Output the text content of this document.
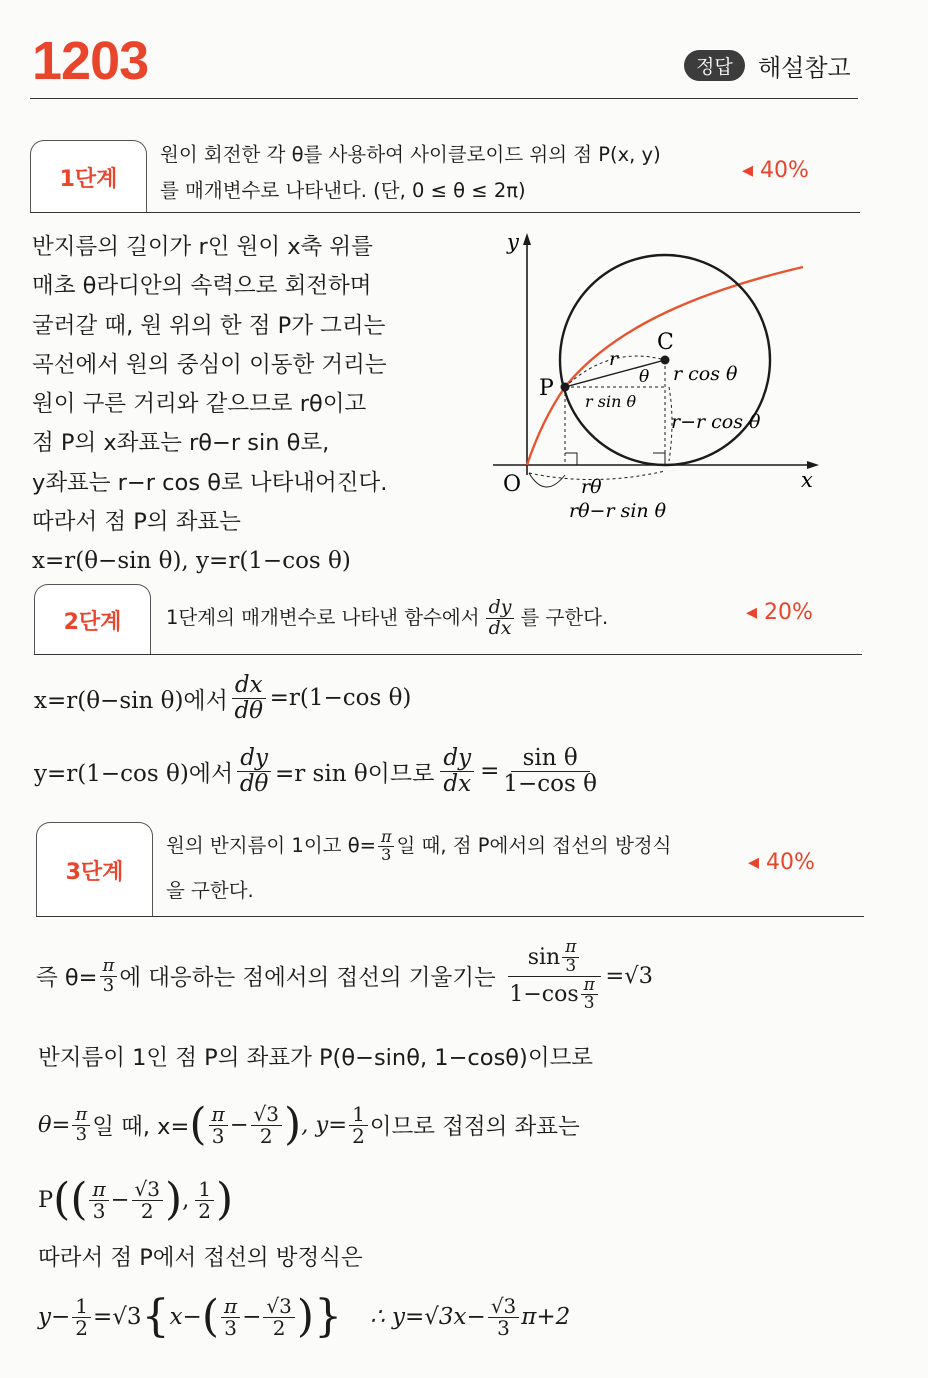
1203	정답	해설참고
1단계
원이 회전한 각 θ를 사용하여 사이클로이드 위의 점 P(x, y)
를 매개변수로 나타낸다. (단, 0 ≤ θ ≤ 2π)
◂ 40%
반지름의 길이가 r인 원이 x축 위를
매초 θ라디안의 속력으로 회전하며
굴러갈 때, 원 위의 한 점 P가 그리는
곡선에서 원의 중심이 이동한 거리는
원이 구른 거리와 같으므로 rθ이고
점 P의 x좌표는 rθ−r sin θ로,
y좌표는 r−r cos θ로 나타내어진다.
따라서 점 P의 좌표는
x=r(θ−sin θ), y=r(1−cos θ)
y
x
O
C
P
r
θ r cos θ
r sin θ
r−r cos θ
rθ
rθ−r sin θ
2단계	1단계의 매개변수로 나타낸 함수에서 $\frac{dy}{dx}$ 를 구한다.	◂ 20%
x=r(θ−sin θ)에서 $\frac{dx}{d\theta} =r(1-\cos$ θ)
y=r(1−cos θ)에서 $\frac{dy}{d\theta} =r$ sin θ이므로 $\frac{dy}{dx} = \frac{\text{sin θ}}{\text{1−cos θ}}$
3단계
원의 반지름이 1이고 $\theta= \frac{\pi}{3}$ 일 때, 점 P에서의 접선의 방정식
을 구한다.
◂ 40%
즉 $\theta= \frac{\pi}{3}$ 에 대응하는 점에서의 접선의 기울기는 $\frac{\sin \frac{\pi}{3}}{1-\cos \frac{\pi}{3}} =√3$
반지름이 1인 점 P의 좌표가 P(θ−sinθ, 1−cosθ)이므로
$\theta= \frac{\pi}{3}$ 일 때, x= ( $\frac{\pi}{3} - \frac{√3}{2}$ ) , $y= \frac{1}{2}$ 이므로 접점의 좌표는
P ( ( $\frac{\pi}{3} - \frac{√3}{2}$ ) , $\frac{1}{2}$ )
따라서 점 P에서 접선의 방정식은
$y- \frac{1}{2} =√3$ { x− ( $\frac{\pi}{3} - \frac{√3}{2}$ ) } ∴ $y=√3x- \frac{√3}{3} \pi+2$
